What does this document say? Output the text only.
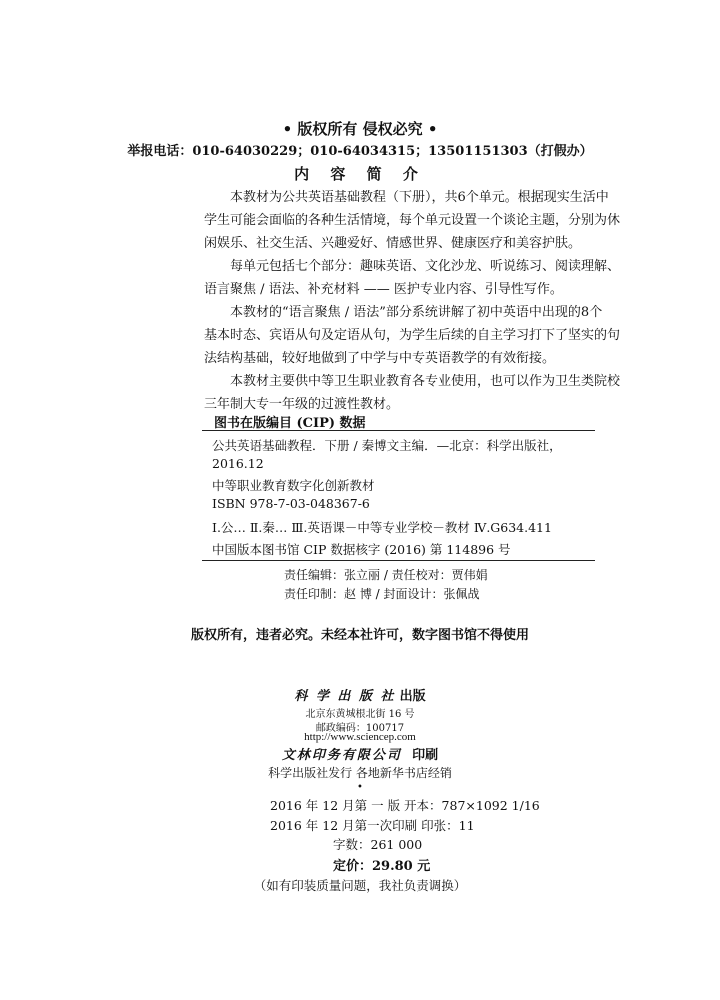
• 版权所有 侵权必究 •
举报电话：010-64030229；010-64034315；13501151303（打假办）
内 容 简 介
本教材为公共英语基础教程（下册），共6个单元。根据现实生活中
学生可能会面临的各种生活情境，每个单元设置一个谈论主题，分别为休
闲娱乐、社交生活、兴趣爱好、情感世界、健康医疗和美容护肤。
每单元包括七个部分：趣味英语、文化沙龙、听说练习、阅读理解、
语言聚焦 / 语法、补充材料 —— 医护专业内容、引导性写作。
本教材的“语言聚焦 / 语法”部分系统讲解了初中英语中出现的8个
基本时态、宾语从句及定语从句，为学生后续的自主学习打下了坚实的句
法结构基础，较好地做到了中学与中专英语教学的有效衔接。
本教材主要供中等卫生职业教育各专业使用，也可以作为卫生类院校
三年制大专一年级的过渡性教材。
图书在版编目 (CIP) 数据
公共英语基础教程．下册 / 秦博文主编．—北京：科学出版社，
2016.12
中等职业教育数字化创新教材
ISBN 978-7-03-048367-6
Ⅰ.公… Ⅱ.秦… Ⅲ.英语课－中等专业学校－教材 Ⅳ.G634.411
中国版本图书馆 CIP 数据核字 (2016) 第 114896 号
责任编辑：张立丽 / 责任校对：贾伟娟
责任印制：赵 博 / 封面设计：张佩战
版权所有，违者必究。未经本社许可，数字图书馆不得使用
科 学 出 版 社 出版
北京东黄城根北街 16 号
邮政编码：100717
http://www.sciencep.com
文林印务有限公司 印刷
科学出版社发行 各地新华书店经销
•
2016 年 12 月第 一 版 开本：787×1092 1/16
2016 年 12 月第一次印刷 印张：11
字数：261 000
定价：29.80 元
（如有印装质量问题，我社负责调换）
